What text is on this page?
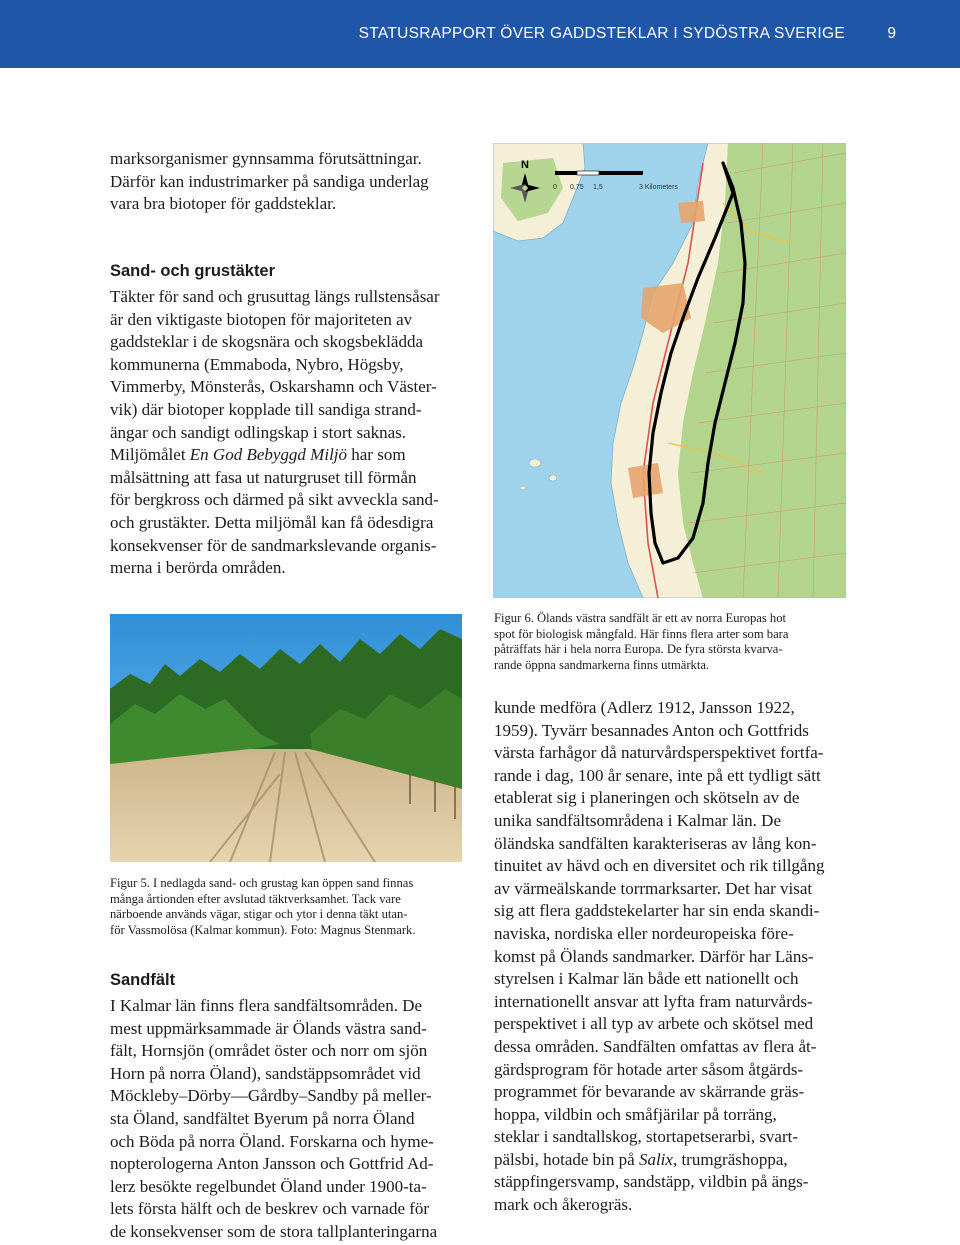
STATUSRAPPORT ÖVER GADDSTEKLAR I SYDÖSTRA SVERIGE	9

marksorganismer gynnsamma förutsättningar.

Därför kan industrimarker på sandiga underlag

vara bra biotoper för gaddsteklar.

Sand- och grustäkter

Täkter för sand och grusuttag längs rullstensåsar

är den viktigaste biotopen för majoriteten av

gaddsteklar i de skogsnära och skogsbeklädda

kommunerna (Emmaboda, Nybro, Högsby,

Vimmerby, Mönsterås, Oskarshamn och Väster-

vik) där biotoper kopplade till sandiga strand-

ängar och sandigt odlingskap i stort saknas.

Miljömålet En God Bebyggd Miljö har som

målsättning att fasa ut naturgruset till förmån

för bergkross och därmed på sikt avveckla sand-

och grustäkter. Detta miljömål kan få ödesdigra

konsekvenser för de sandmarkslevande organis-

merna i berörda områden.

0 0,75 1,5	3 Kilometers
N

Figur 6. Ölands västra sandfält är ett av norra Europas hot

spot för biologisk mångfald. Här finns flera arter som bara

påträffats här i hela norra Europa. De fyra största kvarva-

rande öppna sandmarkerna finns utmärkta.

Figur 5. I nedlagda sand- och grustag kan öppen sand finnas

många årtionden efter avslutad täktverksamhet. Tack vare

närboende används vägar, stigar och ytor i denna täkt utan-

för Vassmolösa (Kalmar kommun). Foto: Magnus Stenmark.

Sandfält

I Kalmar län finns flera sandfältsområden. De

mest uppmärksammade är Ölands västra sand-

fält, Hornsjön (området öster och norr om sjön

Horn på norra Öland), sandstäppsområdet vid

Möckleby–Dörby—Gårdby–Sandby på meller-

sta Öland, sandfältet Byerum på norra Öland

och Böda på norra Öland. Forskarna och hyme-

nopterologerna Anton Jansson och Gottfrid Ad-

lerz besökte regelbundet Öland under 1900-ta-

lets första hälft och de beskrev och varnade för

de konsekvenser som de stora tallplanteringarna

kunde medföra (Adlerz 1912, Jansson 1922,

1959). Tyvärr besannades Anton och Gottfrids

värsta farhågor då naturvårdsperspektivet fortfa-

rande i dag, 100 år senare, inte på ett tydligt sätt

etablerat sig i planeringen och skötseln av de

unika sandfältsområdena i Kalmar län. De

öländska sandfälten karakteriseras av lång kon-

tinuitet av hävd och en diversitet och rik tillgång

av värmeälskande torrmarksarter. Det har visat

sig att flera gaddstekelarter har sin enda skandi-

naviska, nordiska eller nordeuropeiska före-

komst på Ölands sandmarker. Därför har Läns-

styrelsen i Kalmar län både ett nationellt och

internationellt ansvar att lyfta fram naturvårds-

perspektivet i all typ av arbete och skötsel med

dessa områden. Sandfälten omfattas av flera åt-

gärdsprogram för hotade arter såsom åtgärds-

programmet för bevarande av skärrande gräs-

hoppa, vildbin och småfjärilar på torräng,

steklar i sandtallskog, stortapetserarbi, svart-

pälsbi, hotade bin på Salix, trumgräshoppa,

stäppfingersvamp, sandstäpp, vildbin på ängs-

mark och åkerogräs.
